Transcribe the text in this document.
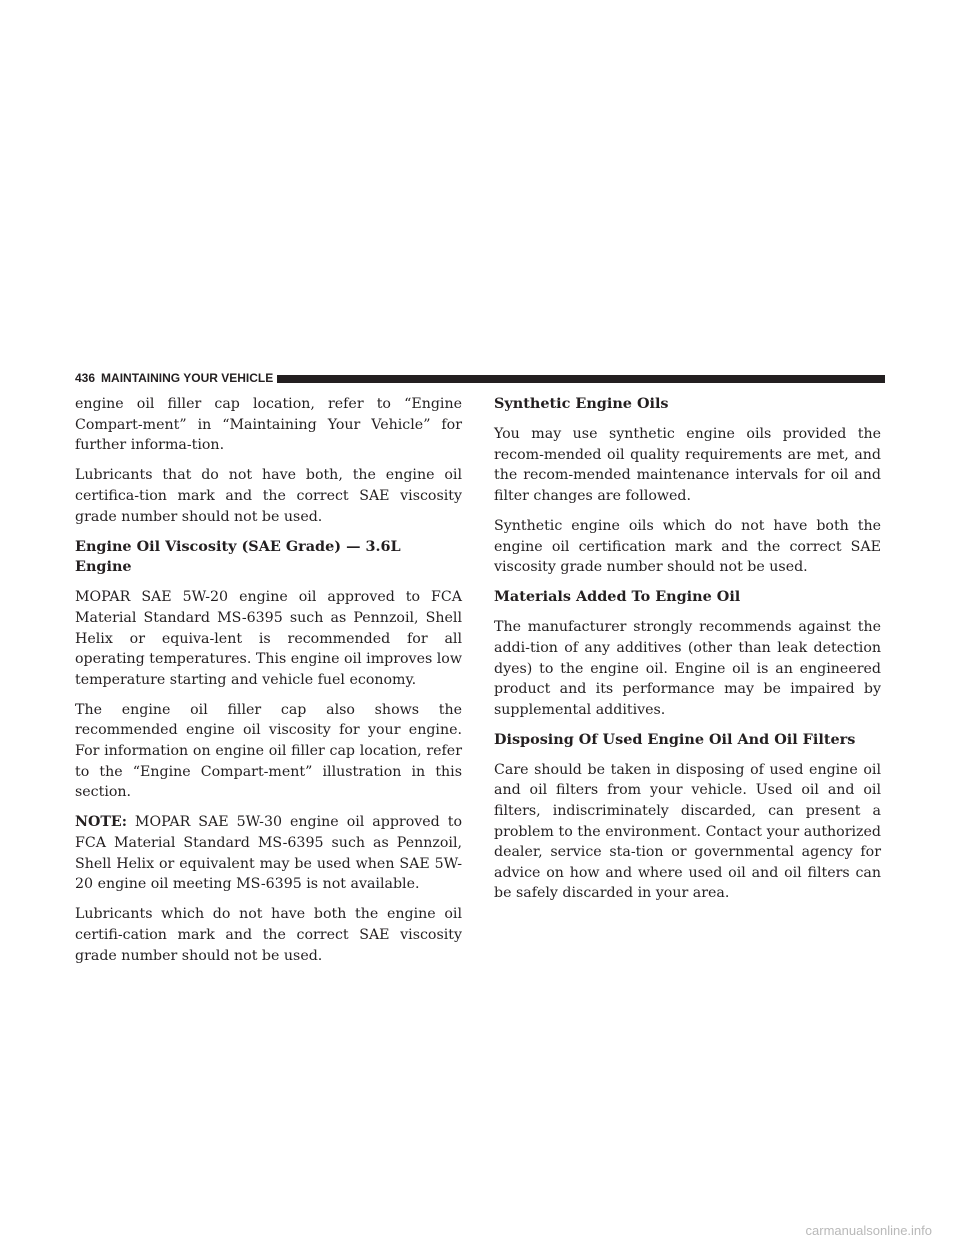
436 MAINTAINING YOUR VEHICLE

engine oil filler cap location, refer to “Engine Compart-ment” in “Maintaining Your Vehicle” for further informa-tion.

Lubricants that do not have both, the engine oil certifica-tion mark and the correct SAE viscosity grade number should not be used.

Engine Oil Viscosity (SAE Grade) — 3.6L Engine

MOPAR SAE 5W-20 engine oil approved to FCA Material Standard MS-6395 such as Pennzoil, Shell Helix or equiva-lent is recommended for all operating temperatures. This engine oil improves low temperature starting and vehicle fuel economy.

The engine oil filler cap also shows the recommended engine oil viscosity for your engine. For information on engine oil filler cap location, refer to the “Engine Compart-ment” illustration in this section.

NOTE: MOPAR SAE 5W-30 engine oil approved to FCA Material Standard MS-6395 such as Pennzoil, Shell Helix or equivalent may be used when SAE 5W-20 engine oil meeting MS-6395 is not available.

Lubricants which do not have both the engine oil certifi-cation mark and the correct SAE viscosity grade number should not be used.

Synthetic Engine Oils

You may use synthetic engine oils provided the recom-mended oil quality requirements are met, and the recom-mended maintenance intervals for oil and filter changes are followed.

Synthetic engine oils which do not have both the engine oil certification mark and the correct SAE viscosity grade number should not be used.

Materials Added To Engine Oil

The manufacturer strongly recommends against the addi-tion of any additives (other than leak detection dyes) to the engine oil. Engine oil is an engineered product and its performance may be impaired by supplemental additives.

Disposing Of Used Engine Oil And Oil Filters

Care should be taken in disposing of used engine oil and oil filters from your vehicle. Used oil and oil filters, indiscriminately discarded, can present a problem to the environment. Contact your authorized dealer, service sta-tion or governmental agency for advice on how and where used oil and oil filters can be safely discarded in your area.

carmanualsonline.info
